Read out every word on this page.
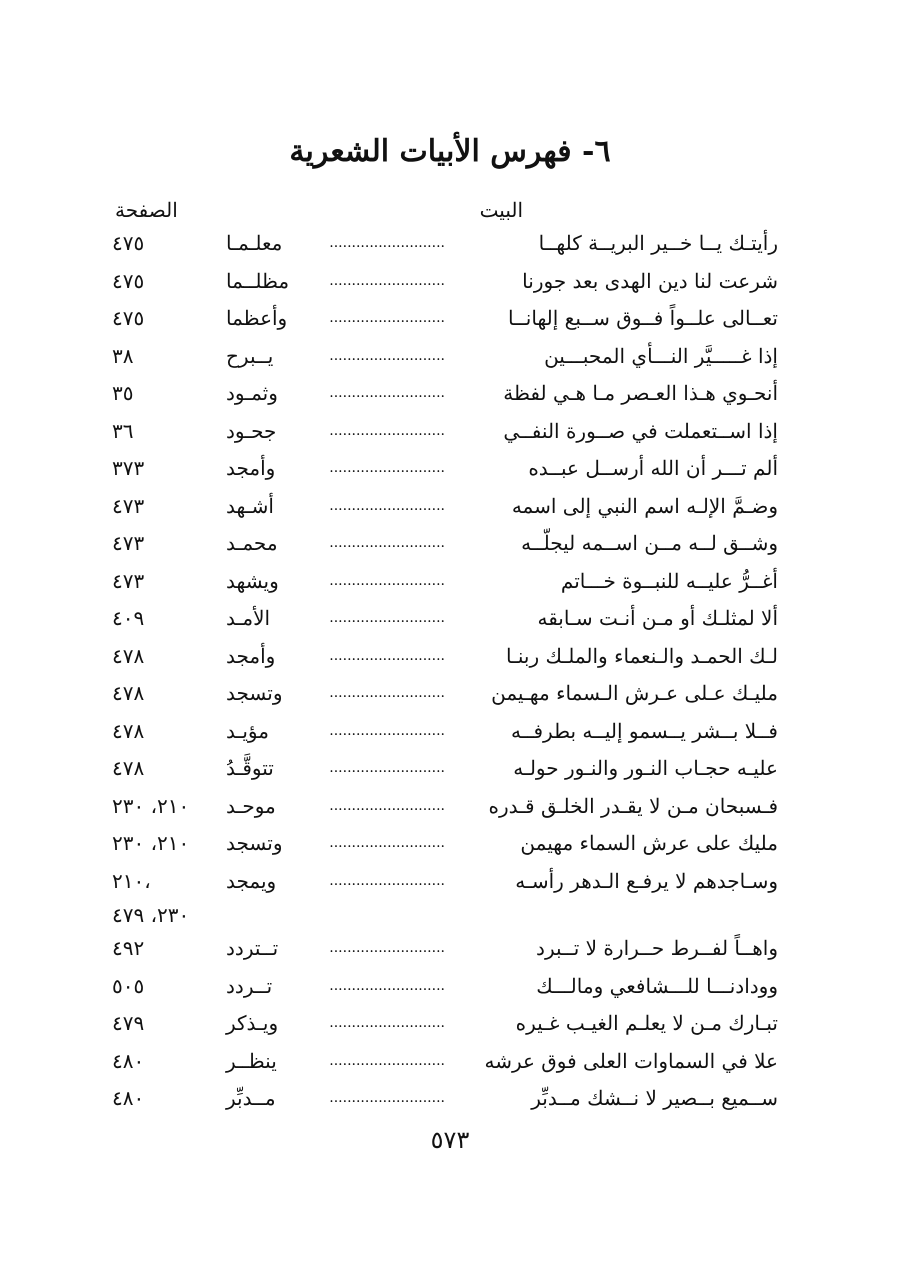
٦- فهرس الأبيات الشعرية
البيت
الصفحة
رأيتـك يــا خــير البريــة كلهــا
..........................
معلـمـا
٤٧٥
شرعت لنا دين الهدى بعد جورنا
..........................
مظلــما
٤٧٥
تعــالى علــواً فــوق ســبع إلهانــا
..........................
وأعظما
٤٧٥
إذا غـــــيَّر النـــأي المحبـــين
..........................
يــبرح
٣٨
أنحـوي هـذا العـصر مـا هـي لفظة
..........................
وثمـود
٣٥
إذا اســتعملت في صــورة النفــي
..........................
جحـود
٣٦
ألم تـــر أن الله أرســل عبــده
..........................
وأمجد
٣٧٣
وضـمَّ الإلـه اسم النبي إلى اسمه
..........................
أشـهد
٤٧٣
وشــق لــه مــن اســمه ليجلّــه
..........................
محمـد
٤٧٣
أغــرُّ عليــه للنبــوة خـــاتم
..........................
ويشهد
٤٧٣
ألا لمثلـك أو مـن أنـت سـابقه
..........................
الأمـد
٤٠٩
لـك الحمـد والـنعماء والملـك ربنـا
..........................
وأمجد
٤٧٨
مليـك عـلى عـرش الـسماء مهـيمن
..........................
وتسجد
٤٧٨
فــلا بــشر يــسمو إليــه بطرفــه
..........................
مؤيـد
٤٧٨
عليـه حجـاب النـور والنـور حولـه
..........................
تتوقَّـدُ
٤٧٨
فـسبحان مـن لا يقـدر الخلـق قـدره
..........................
موحـد
٢١٠، ٢٣٠
مليك على عرش السماء مهيمن
..........................
وتسجد
٢١٠، ٢٣٠
وسـاجدهم لا يرفـع الـدهر رأسـه
..........................
ويمجد
،٢١٠
٢٣٠، ٤٧٩
واهــاً لفــرط حــرارة لا تــبرد
..........................
تــتردد
٤٩٢
وودادنـــا للـــشافعي ومالـــك
..........................
تــردد
٥٠٥
تبـارك مـن لا يعلـم الغيـب غـيره
..........................
ويـذكر
٤٧٩
علا في السماوات العلى فوق عرشه
..........................
ينظــر
٤٨٠
ســميع بــصير لا نــشك مــدبِّر
..........................
مــدبِّر
٤٨٠
٥٧٣
